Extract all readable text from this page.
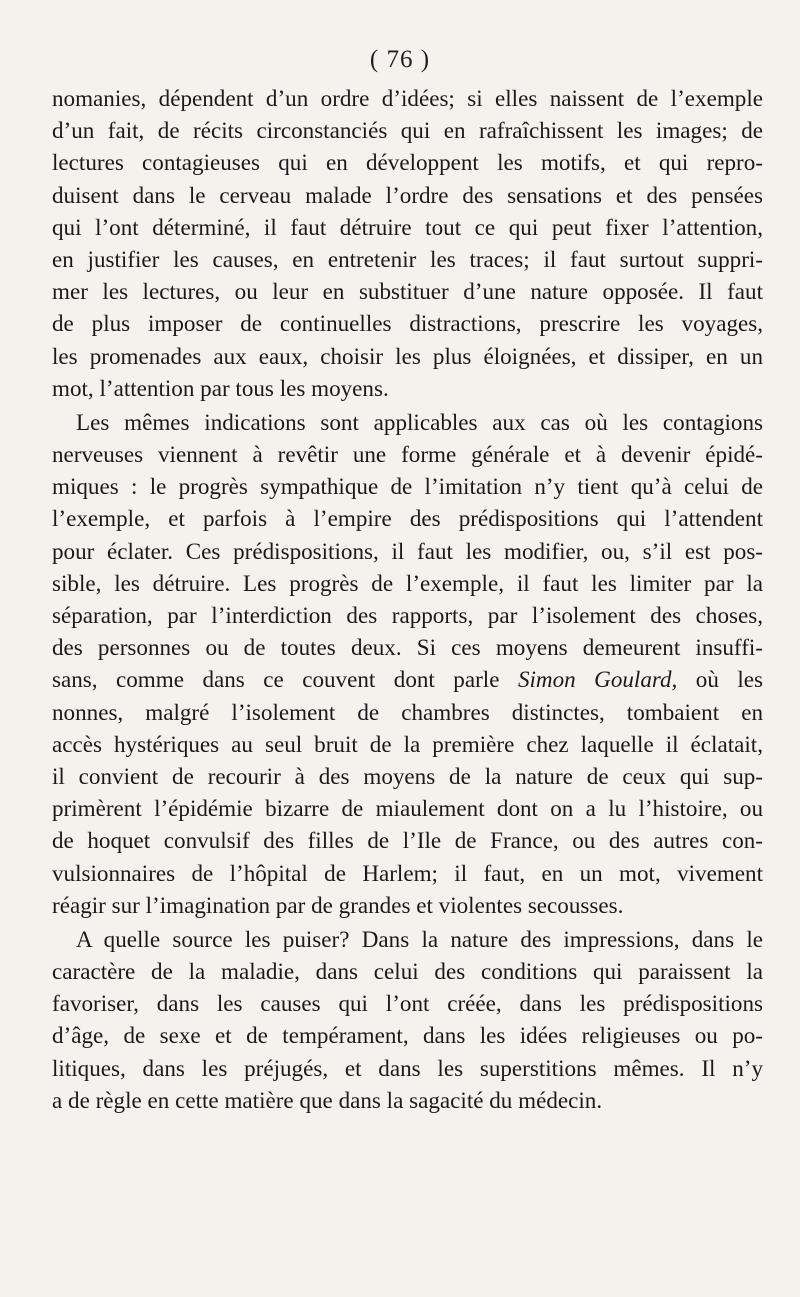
( 76 )
nomanies, dépendent d’un ordre d’idées; si elles naissent de l’exemple
d’un fait, de récits circonstanciés qui en rafraîchissent les images; de
lectures contagieuses qui en développent les motifs, et qui repro-
duisent dans le cerveau malade l’ordre des sensations et des pensées
qui l’ont déterminé, il faut détruire tout ce qui peut fixer l’attention,
en justifier les causes, en entretenir les traces; il faut surtout suppri-
mer les lectures, ou leur en substituer d’une nature opposée. Il faut
de plus imposer de continuelles distractions, prescrire les voyages,
les promenades aux eaux, choisir les plus éloignées, et dissiper, en un
mot, l’attention par tous les moyens.
Les mêmes indications sont applicables aux cas où les contagions
nerveuses viennent à revêtir une forme générale et à devenir épidé-
miques : le progrès sympathique de l’imitation n’y tient qu’à celui de
l’exemple, et parfois à l’empire des prédispositions qui l’attendent
pour éclater. Ces prédispositions, il faut les modifier, ou, s’il est pos-
sible, les détruire. Les progrès de l’exemple, il faut les limiter par la
séparation, par l’interdiction des rapports, par l’isolement des choses,
des personnes ou de toutes deux. Si ces moyens demeurent insuffi-
sans, comme dans ce couvent dont parle Simon Goulard, où les
nonnes, malgré l’isolement de chambres distinctes, tombaient en
accès hystériques au seul bruit de la première chez laquelle il éclatait,
il convient de recourir à des moyens de la nature de ceux qui sup-
primèrent l’épidémie bizarre de miaulement dont on a lu l’histoire, ou
de hoquet convulsif des filles de l’Ile de France, ou des autres con-
vulsionnaires de l’hôpital de Harlem; il faut, en un mot, vivement
réagir sur l’imagination par de grandes et violentes secousses.
A quelle source les puiser? Dans la nature des impressions, dans le
caractère de la maladie, dans celui des conditions qui paraissent la
favoriser, dans les causes qui l’ont créée, dans les prédispositions
d’âge, de sexe et de tempérament, dans les idées religieuses ou po-
litiques, dans les préjugés, et dans les superstitions mêmes. Il n’y
a de règle en cette matière que dans la sagacité du médecin.
